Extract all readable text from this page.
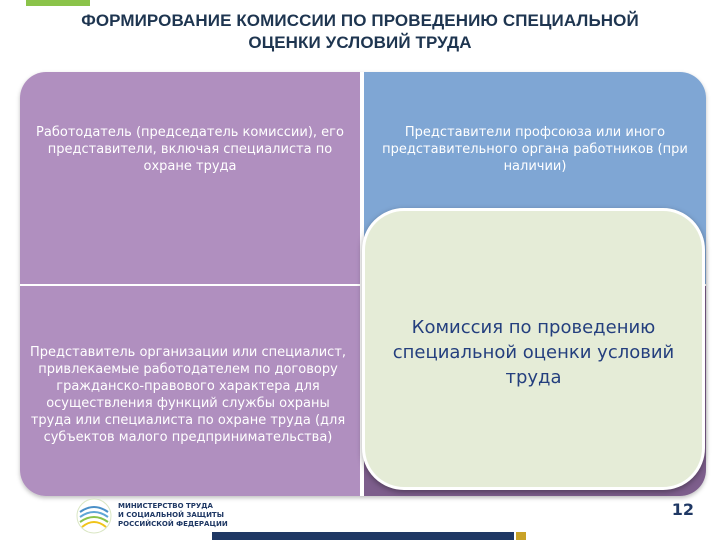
ФОРМИРОВАНИЕ КОМИССИИ ПО ПРОВЕДЕНИЮ СПЕЦИАЛЬНОЙ
ОЦЕНКИ УСЛОВИЙ ТРУДА
Работодатель (председатель комиссии), его представители, включая специалиста по охране труда
Представители профсоюза или иного представительного органа работников (при наличии)
Представитель организации или специалист, привлекаемые работодателем по договору гражданско-правового характера для осуществления функций службы охраны труда или специалиста по охране труда (для субъектов малого предпринимательства)
Комиссия по проведению специальной оценки условий труда
МИНИСТЕРСТВО ТРУДА
И СОЦИАЛЬНОЙ ЗАЩИТЫ
РОССИЙСКОЙ ФЕДЕРАЦИИ
12
